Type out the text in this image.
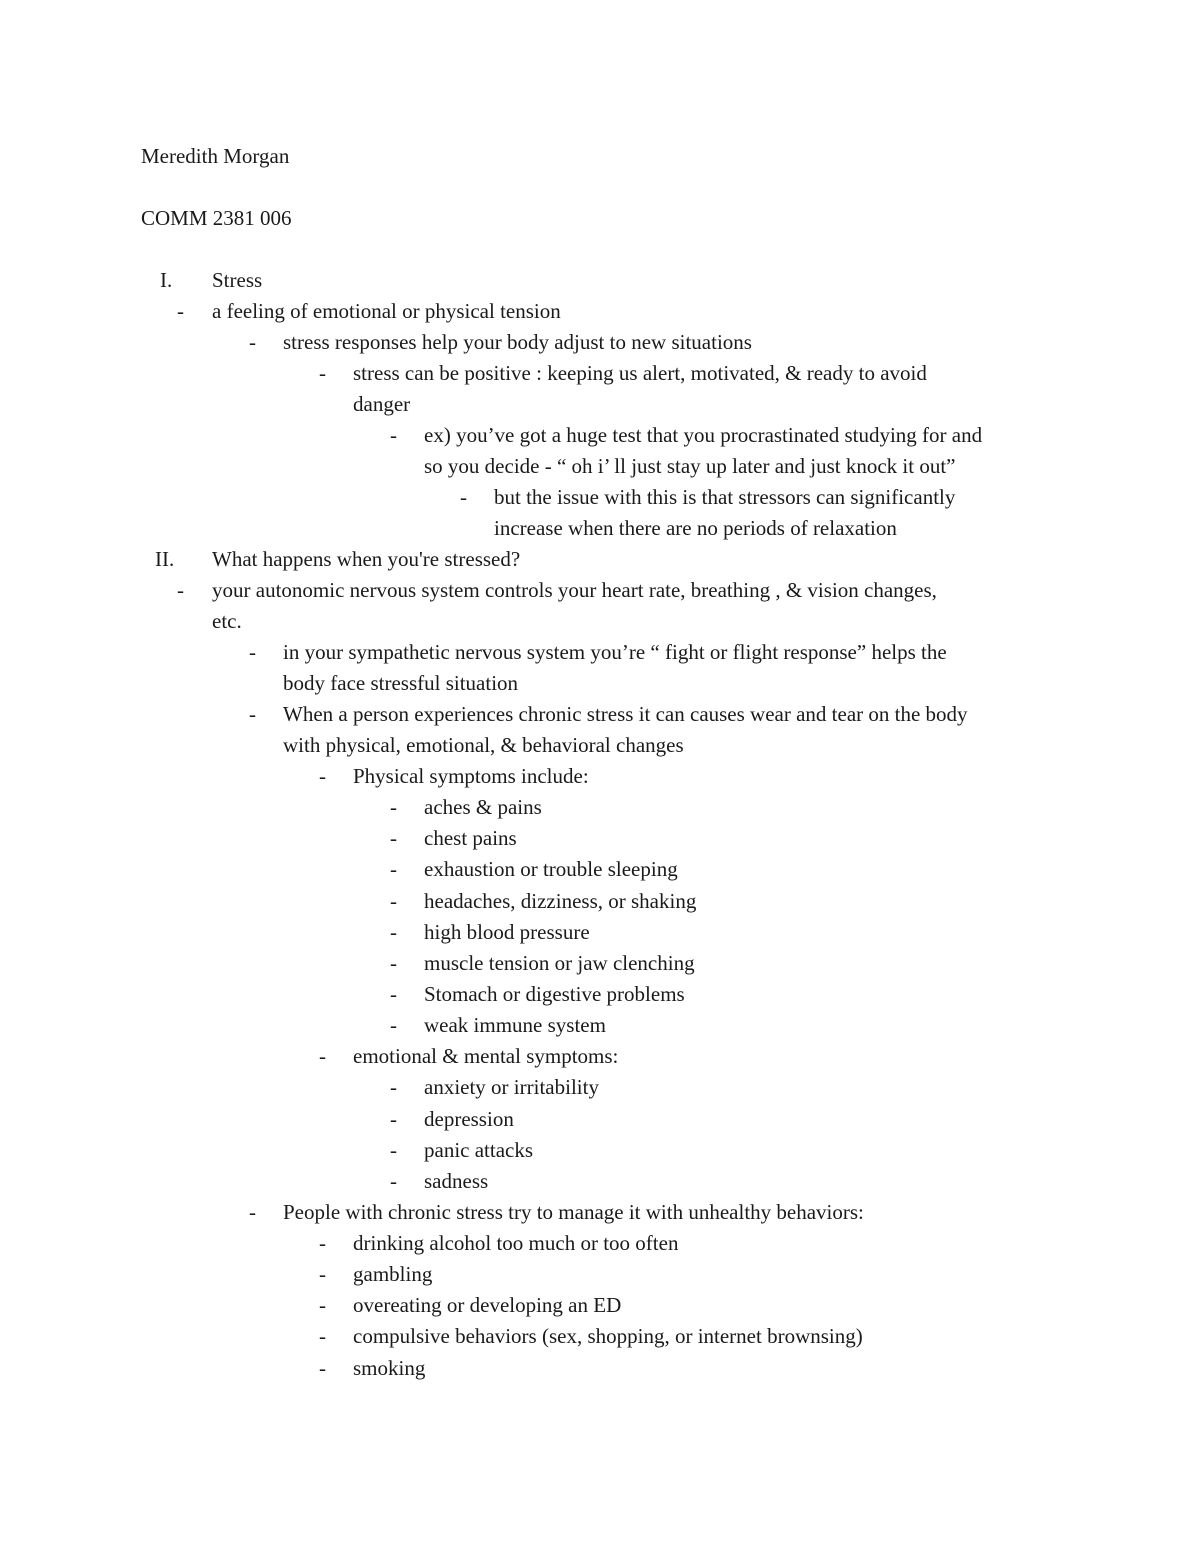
Meredith Morgan
COMM 2381 006
I. Stress
- a feeling of emotional or physical tension
- stress responses help your body adjust to new situations
- stress can be positive : keeping us alert, motivated, & ready to avoid
danger
- ex) you’ve got a huge test that you procrastinated studying for and
so you decide - “ oh i’ ll just stay up later and just knock it out”
- but the issue with this is that stressors can significantly
increase when there are no periods of relaxation
II. What happens when you're stressed?
- your autonomic nervous system controls your heart rate, breathing , & vision changes,
etc.
- in your sympathetic nervous system you’re “ fight or flight response” helps the
body face stressful situation
- When a person experiences chronic stress it can causes wear and tear on the body
with physical, emotional, & behavioral changes
- Physical symptoms include:
- aches & pains
- chest pains
- exhaustion or trouble sleeping
- headaches, dizziness, or shaking
- high blood pressure
- muscle tension or jaw clenching
- Stomach or digestive problems
- weak immune system
- emotional & mental symptoms:
- anxiety or irritability
- depression
- panic attacks
- sadness
- People with chronic stress try to manage it with unhealthy behaviors:
- drinking alcohol too much or too often
- gambling
- overeating or developing an ED
- compulsive behaviors (sex, shopping, or internet brownsing)
- smoking
